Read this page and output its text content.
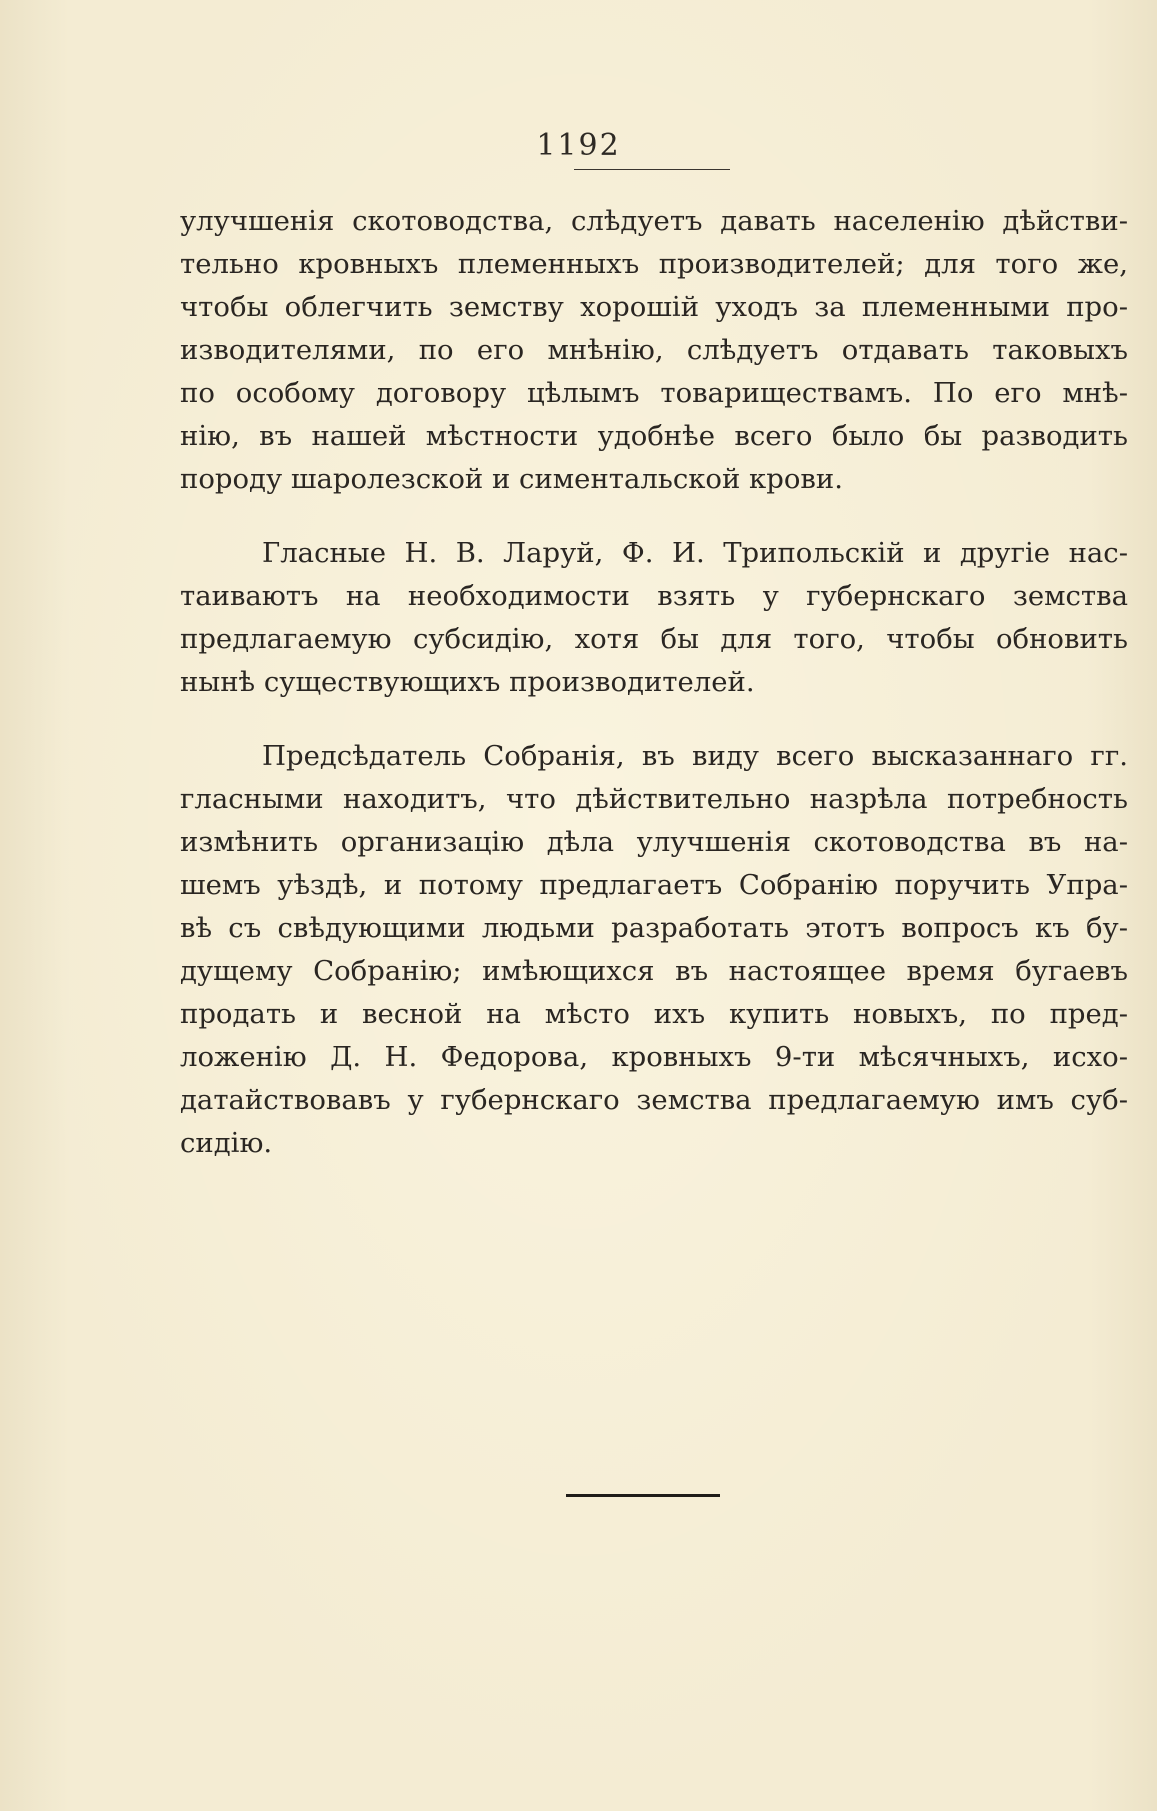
1192

улучшенія скотоводства, слѣдуетъ давать населенію дѣйстви-
тельно кровныхъ племенныхъ производителей; для того же,
чтобы облегчить земству хорошій уходъ за племенными про-
изводителями, по его мнѣнію, слѣдуетъ отдавать таковыхъ
по особому договору цѣлымъ товариществамъ. По его мнѣ-
нію, въ нашей мѣстности удобнѣе всего было бы разводить
породу шаролезской и симентальской крови.

Гласные Н. В. Ларуй, Ф. И. Трипольскій и другіе нас-
таиваютъ на необходимости взять у губернскаго земства
предлагаемую субсидію, хотя бы для того, чтобы обновить
нынѣ существующихъ производителей.

Предсѣдатель Собранія, въ виду всего высказаннаго гг.
гласными находитъ, что дѣйствительно назрѣла потребность
измѣнить организацію дѣла улучшенія скотоводства въ на-
шемъ уѣздѣ, и потому предлагаетъ Собранію поручить Упра-
вѣ съ свѣдующими людьми разработать этотъ вопросъ къ бу-
дущему Собранію; имѣющихся въ настоящее время бугаевъ
продать и весной на мѣсто ихъ купить новыхъ, по пред-
ложенію Д. Н. Федорова, кровныхъ 9-ти мѣсячныхъ, исхо-
датайствовавъ у губернскаго земства предлагаемую имъ суб-
сидію.
